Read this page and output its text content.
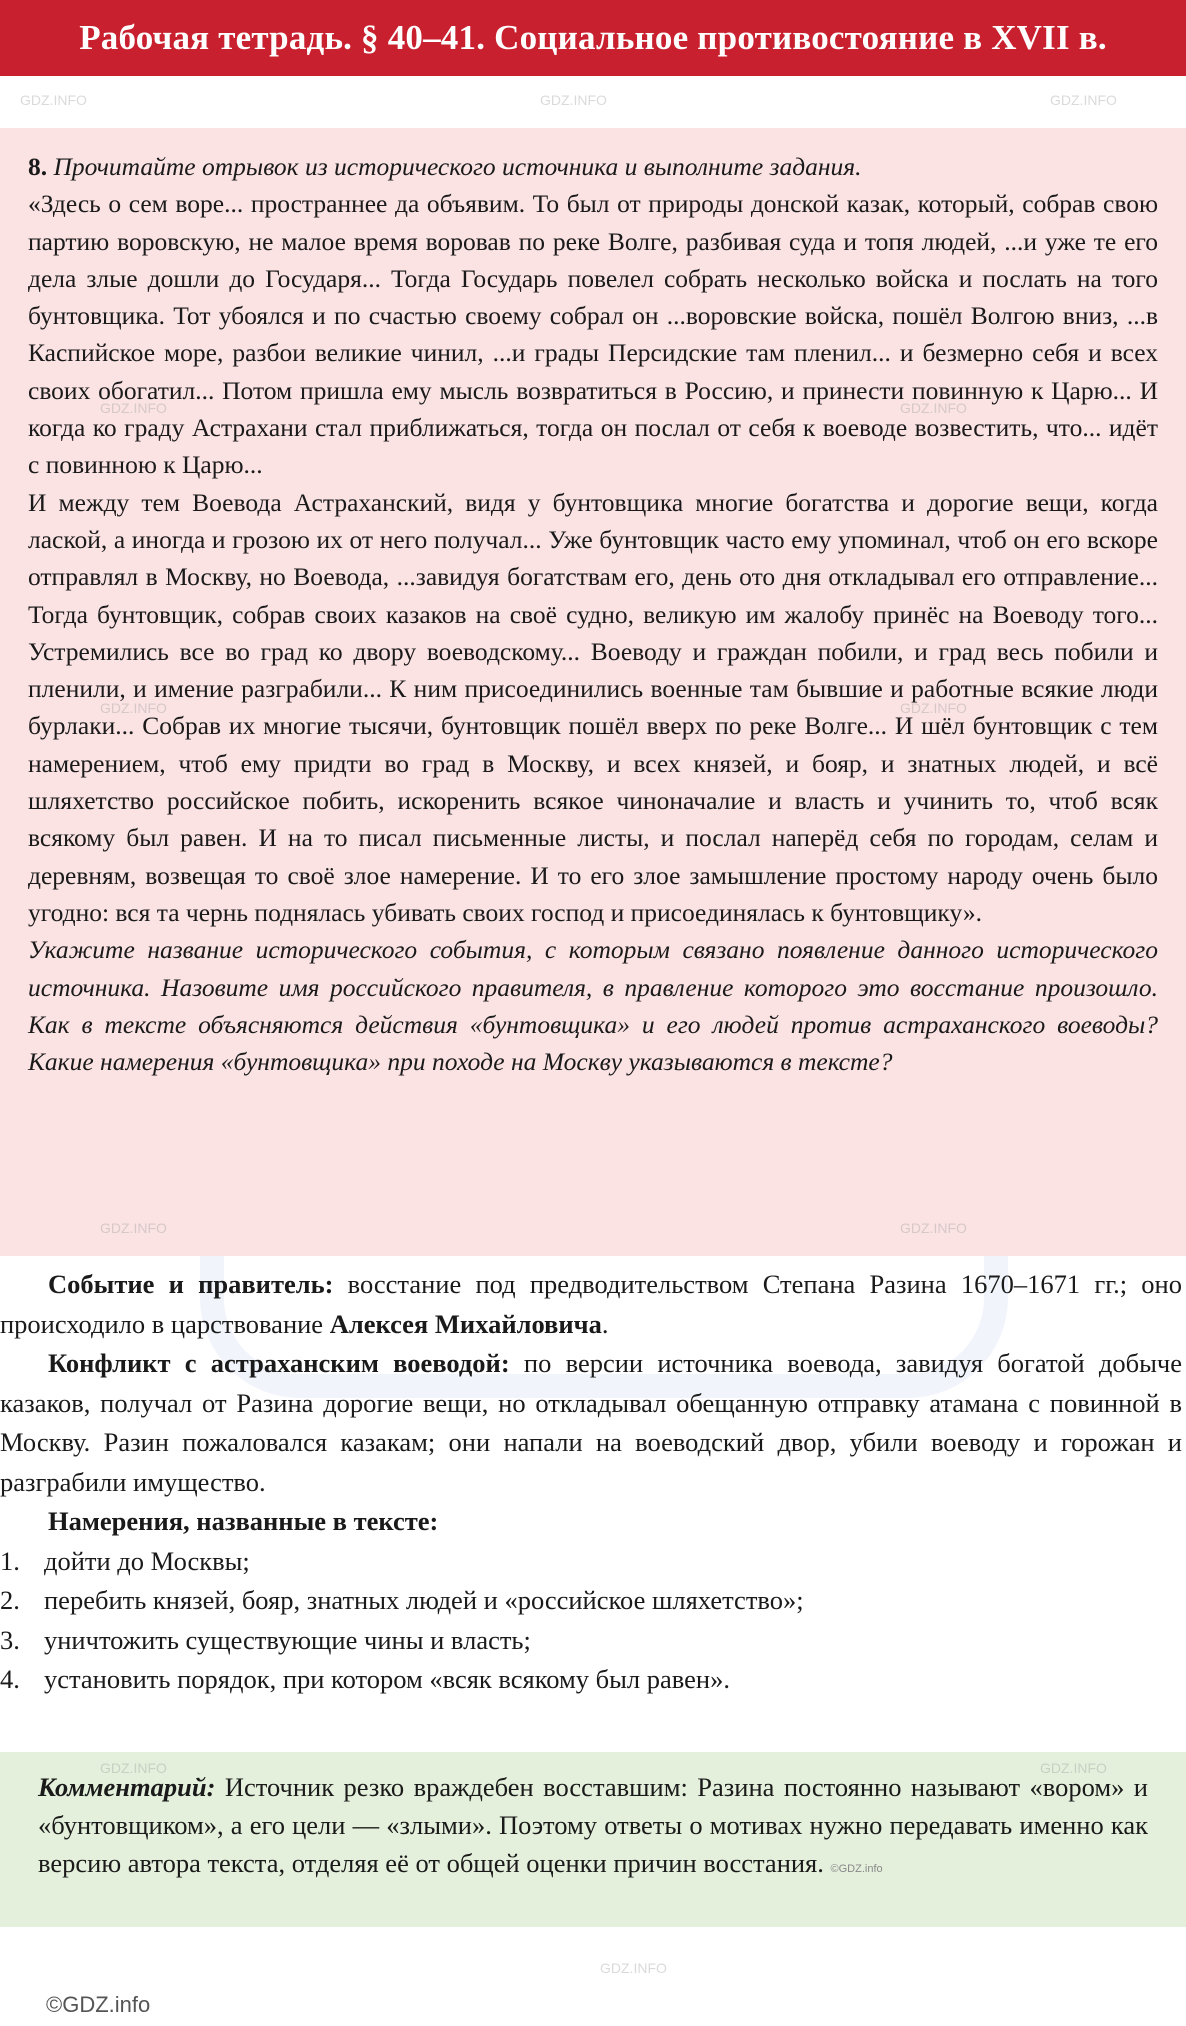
Рабочая тетрадь. § 40–41. Социальное противостояние в XVII в.

8. Прочитайте отрывок из исторического источника и выполните задания.

«Здесь о сем воре... пространнее да объявим. То был от природы донской казак, который, собрав свою партию воровскую, не малое время воровав по реке Волге, разбивая суда и топя людей, ...и уже те его дела злые дошли до Государя... Тогда Государь повелел собрать несколько войска и послать на того бунтовщика. Тот убоялся и по счастью своему собрал он ...воровские войска, пошёл Волгою вниз, ...в Каспийское море, разбои великие чинил, ...и грады Персидские там пленил... и безмерно себя и всех своих обогатил... Потом пришла ему мысль возвратиться в Россию, и принести повинную к Царю... И когда ко граду Астрахани стал приближаться, тогда он послал от себя к воеводе возвестить, что... идёт с повинною к Царю...

И между тем Воевода Астраханский, видя у бунтовщика многие богатства и дорогие вещи, когда лаской, а иногда и грозою их от него получал... Уже бунтовщик часто ему упоминал, чтоб он его вскоре отправлял в Москву, но Воевода, ...завидуя богатствам его, день ото дня откладывал его отправление... Тогда бунтовщик, собрав своих казаков на своё судно, великую им жалобу принёс на Воеводу того... Устремились все во град ко двору воеводскому... Воеводу и граждан побили, и град весь побили и пленили, и имение разграбили... К ним присоединились военные там бывшие и работные всякие люди бурлаки... Собрав их многие тысячи, бунтовщик пошёл вверх по реке Волге... И шёл бунтовщик с тем намерением, чтоб ему придти во град в Москву, и всех князей, и бояр, и знатных людей, и всё шляхетство российское побить, искоренить всякое чиноначалие и власть и учинить то, чтоб всяк всякому был равен. И на то писал письменные листы, и послал наперёд себя по городам, селам и деревням, возвещая то своё злое намерение. И то его злое замышление простому народу очень было угодно: вся та чернь поднялась убивать своих господ и присоединялась к бунтовщику».

Укажите название исторического события, с которым связано появление данного исторического источника. Назовите имя российского правителя, в правление которого это восстание произошло. Как в тексте объясняются действия «бунтовщика» и его людей против астраханского воеводы? Какие намерения «бунтовщика» при походе на Москву указываются в тексте?

Событие и правитель: восстание под предводительством Степана Разина 1670–1671 гг.; оно происходило в царствование Алексея Михайловича.

Конфликт с астраханским воеводой: по версии источника воевода, завидуя богатой добыче казаков, получал от Разина дорогие вещи, но откладывал обещанную отправку атамана с повинной в Москву. Разин пожаловался казакам; они напали на воеводский двор, убили воеводу и горожан и разграбили имущество.

Намерения, названные в тексте:

1. дойти до Москвы;
2. перебить князей, бояр, знатных людей и «российское шляхетство»;
3. уничтожить существующие чины и власть;
4. установить порядок, при котором «всяк всякому был равен».

Комментарий: Источник резко враждебен восставшим: Разина постоянно называют «вором» и «бунтовщиком», а его цели — «злыми». Поэтому ответы о мотивах нужно передавать именно как версию автора текста, отделяя её от общей оценки причин восстания. ©GDZ.info

©GDZ.info
GDZ.INFO	GDZ.INFO	GDZ.INFO
GDZ.INFO	GDZ.INFO
GDZ.INFO	GDZ.INFO
GDZ.INFO	GDZ.INFO
GDZ.INFO	GDZ.INFO
GDZ.INFO
